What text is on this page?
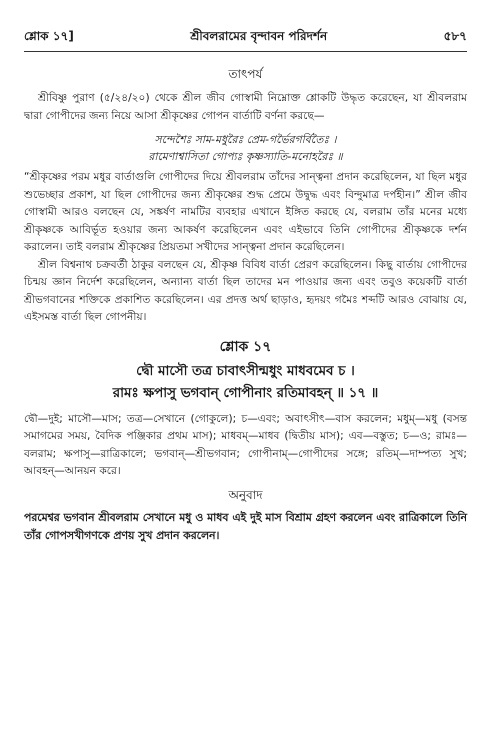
শ্লোক ১৭]	শ্রীবলরামের বৃন্দাবন পরিদর্শন	৫৮৭
তাৎপর্য

শ্রীবিষ্ণু পুরাণ (৫/২৪/২০) থেকে শ্রীল জীব গোস্বামী নিম্নোক্ত শ্লোকটি উদ্ধৃত করেছেন, যা শ্রীবলরাম দ্বারা গোপীদের জন্য নিয়ে আসা শ্রীকৃষ্ণের গোপন বার্তাটি বর্ণনা করছে—

সন্দেশৈঃ সাম-মধুরৈঃ প্রেম-গর্ভৈরগর্বিতৈঃ ।
রামেণাশ্বাসিতা গোপ্যঃ কৃষ্ণস্যাতি-মনোহরৈঃ ॥

“শ্রীকৃষ্ণের পরম মধুর বার্তাগুলি গোপীদের দিয়ে শ্রীবলরাম তাঁদের সান্ত্বনা প্রদান করেছিলেন, যা ছিল মধুর শুভেচ্ছার প্রকাশ, যা ছিল গোপীদের জন্য শ্রীকৃষ্ণের শুদ্ধ প্রেমে উদ্বুদ্ধ এবং বিন্দুমাত্র দর্পহীন।” শ্রীল জীব গোস্বামী আরও বলছেন যে, সঙ্কর্ষণ নামটির ব্যবহার এখানে ইঙ্গিত করছে যে, বলরাম তাঁর মনের মধ্যে শ্রীকৃষ্ণকে আবির্ভূত হওয়ার জন্য আকর্ষণ করেছিলেন এবং এইভাবে তিনি গোপীদের শ্রীকৃষ্ণকে দর্শন করালেন। তাই বলরাম শ্রীকৃষ্ণের প্রিয়তমা সখীদের সান্ত্বনা প্রদান করেছিলেন।

শ্রীল বিশ্বনাথ চক্রবর্তী ঠাকুর বলছেন যে, শ্রীকৃষ্ণ বিবিধ বার্তা প্রেরণ করেছিলেন। কিছু বার্তায় গোপীদের চিন্ময় জ্ঞান নির্দেশ করেছিলেন, অন্যান্য বার্তা ছিল তাদের মন পাওয়ার জন্য এবং তবুও কয়েকটি বার্তা শ্রীভগবানের শক্তিকে প্রকাশিত করেছিলেন। এর প্রদত্ত অর্থ ছাড়াও, হৃদয়ং গমৈঃ শব্দটি আরও বোঝায় যে, এইসমস্ত বার্তা ছিল গোপনীয়।

শ্লোক ১৭
দ্বৌ মাসৌ তত্র চাবাৎসীন্মধুং মাধবমেব চ ।
রামঃ ক্ষপাসু ভগবান্ গোপীনাং রতিমাবহন্ ॥ ১৭ ॥
দ্বৌ—দুই; মাসৌ—মাস; তত্র—সেখানে (গোকুলে); চ—এবং; অবাৎসীৎ—বাস করলেন; মধুম্—মধু (বসন্ত সমাগমের সময়, বৈদিক পঞ্জিকার প্রথম মাস); মাধবম্—মাধব (দ্বিতীয় মাস); এব—বস্তুত; চ—ও; রামঃ—বলরাম; ক্ষপাসু—রাত্রিকালে; ভগবান্—শ্রীভগবান; গোপীনাম্—গোপীদের সঙ্গে; রতিম্—দাম্পত্য সুখ; আবহন্—আনয়ন করে।
অনুবাদ

পরমেশ্বর ভগবান শ্রীবলরাম সেখানে মধু ও মাধব এই দুই মাস বিশ্রাম গ্রহণ করলেন এবং রাত্রিকালে তিনি তাঁর গোপসখীগণকে প্রণয় সুখ প্রদান করলেন।
